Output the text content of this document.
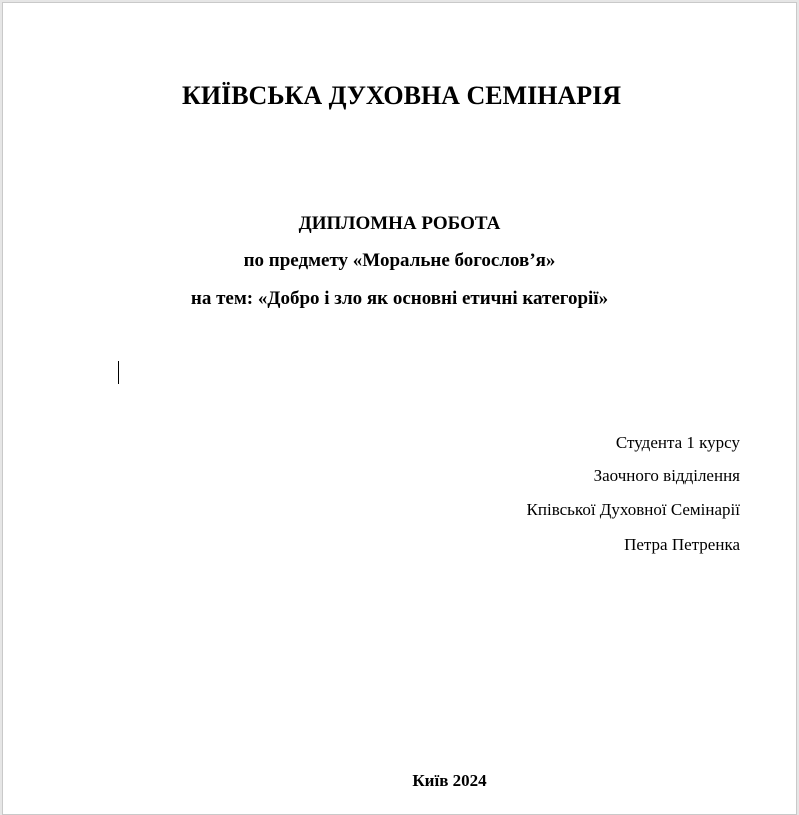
КИЇВСЬКА ДУХОВНА СЕМІНАРІЯ
ДИПЛОМНА РОБОТА
по предмету «Моральне богослов’я»
на тем: «Добро і зло як основні етичні категорії»
Студента 1 курсу
Заочного відділення
Кпівської Духовної Семінарії
Петра Петренка
Київ 2024
